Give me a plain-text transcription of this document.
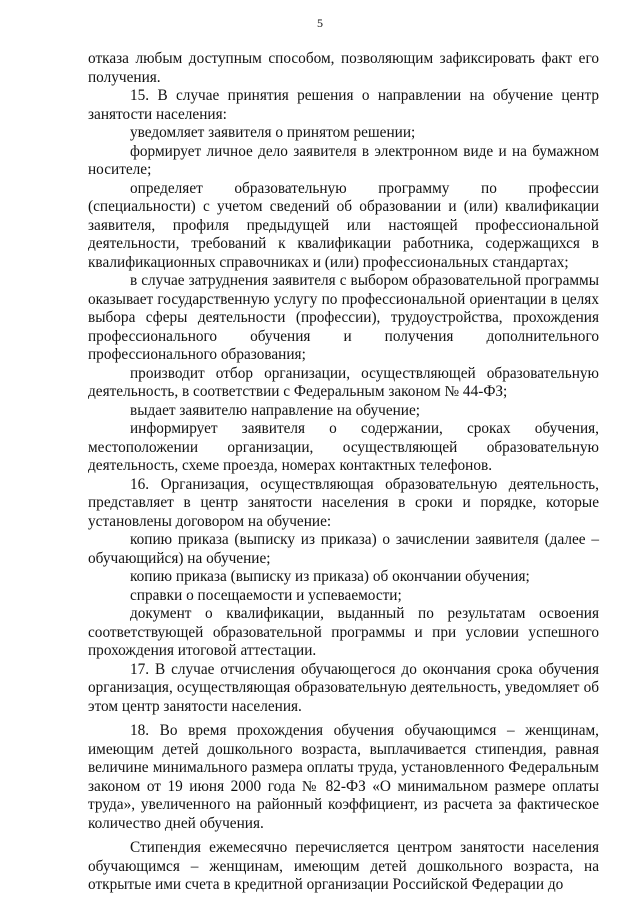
5

отказа любым доступным способом, позволяющим зафиксировать факт его получения.

15. В случае принятия решения о направлении на обучение центр занятости населения:

уведомляет заявителя о принятом решении;

формирует личное дело заявителя в электронном виде и на бумажном носителе;

определяет образовательную программу по профессии (специальности) с учетом сведений об образовании и (или) квалификации заявителя, профиля предыдущей или настоящей профессиональной деятельности, требований к квалификации работника, содержащихся в квалификационных справочниках и (или) профессиональных стандартах;

в случае затруднения заявителя с выбором образовательной программы оказывает государственную услугу по профессиональной ориентации в целях выбора сферы деятельности (профессии), трудоустройства, прохождения профессионального обучения и получения дополнительного профессионального образования;

производит отбор организации, осуществляющей образовательную деятельность, в соответствии с Федеральным законом № 44-ФЗ;

выдает заявителю направление на обучение;

информирует заявителя о содержании, сроках обучения, местоположении организации, осуществляющей образовательную деятельность, схеме проезда, номерах контактных телефонов.

16. Организация, осуществляющая образовательную деятельность, представляет в центр занятости населения в сроки и порядке, которые установлены договором на обучение:

копию приказа (выписку из приказа) о зачислении заявителя (далее – обучающийся) на обучение;

копию приказа (выписку из приказа) об окончании обучения;

справки о посещаемости и успеваемости;

документ о квалификации, выданный по результатам освоения соответствующей образовательной программы и при условии успешного прохождения итоговой аттестации.

17. В случае отчисления обучающегося до окончания срока обучения организация, осуществляющая образовательную деятельность, уведомляет об этом центр занятости населения.

18. Во время прохождения обучения обучающимся – женщинам, имеющим детей дошкольного возраста, выплачивается стипендия, равная величине минимального размера оплаты труда, установленного Федеральным законом от 19 июня 2000 года № 82-ФЗ «О минимальном размере оплаты труда», увеличенного на районный коэффициент, из расчета за фактическое количество дней обучения.

Стипендия ежемесячно перечисляется центром занятости населения обучающимся – женщинам, имеющим детей дошкольного возраста, на открытые ими счета в кредитной организации Российской Федерации до
